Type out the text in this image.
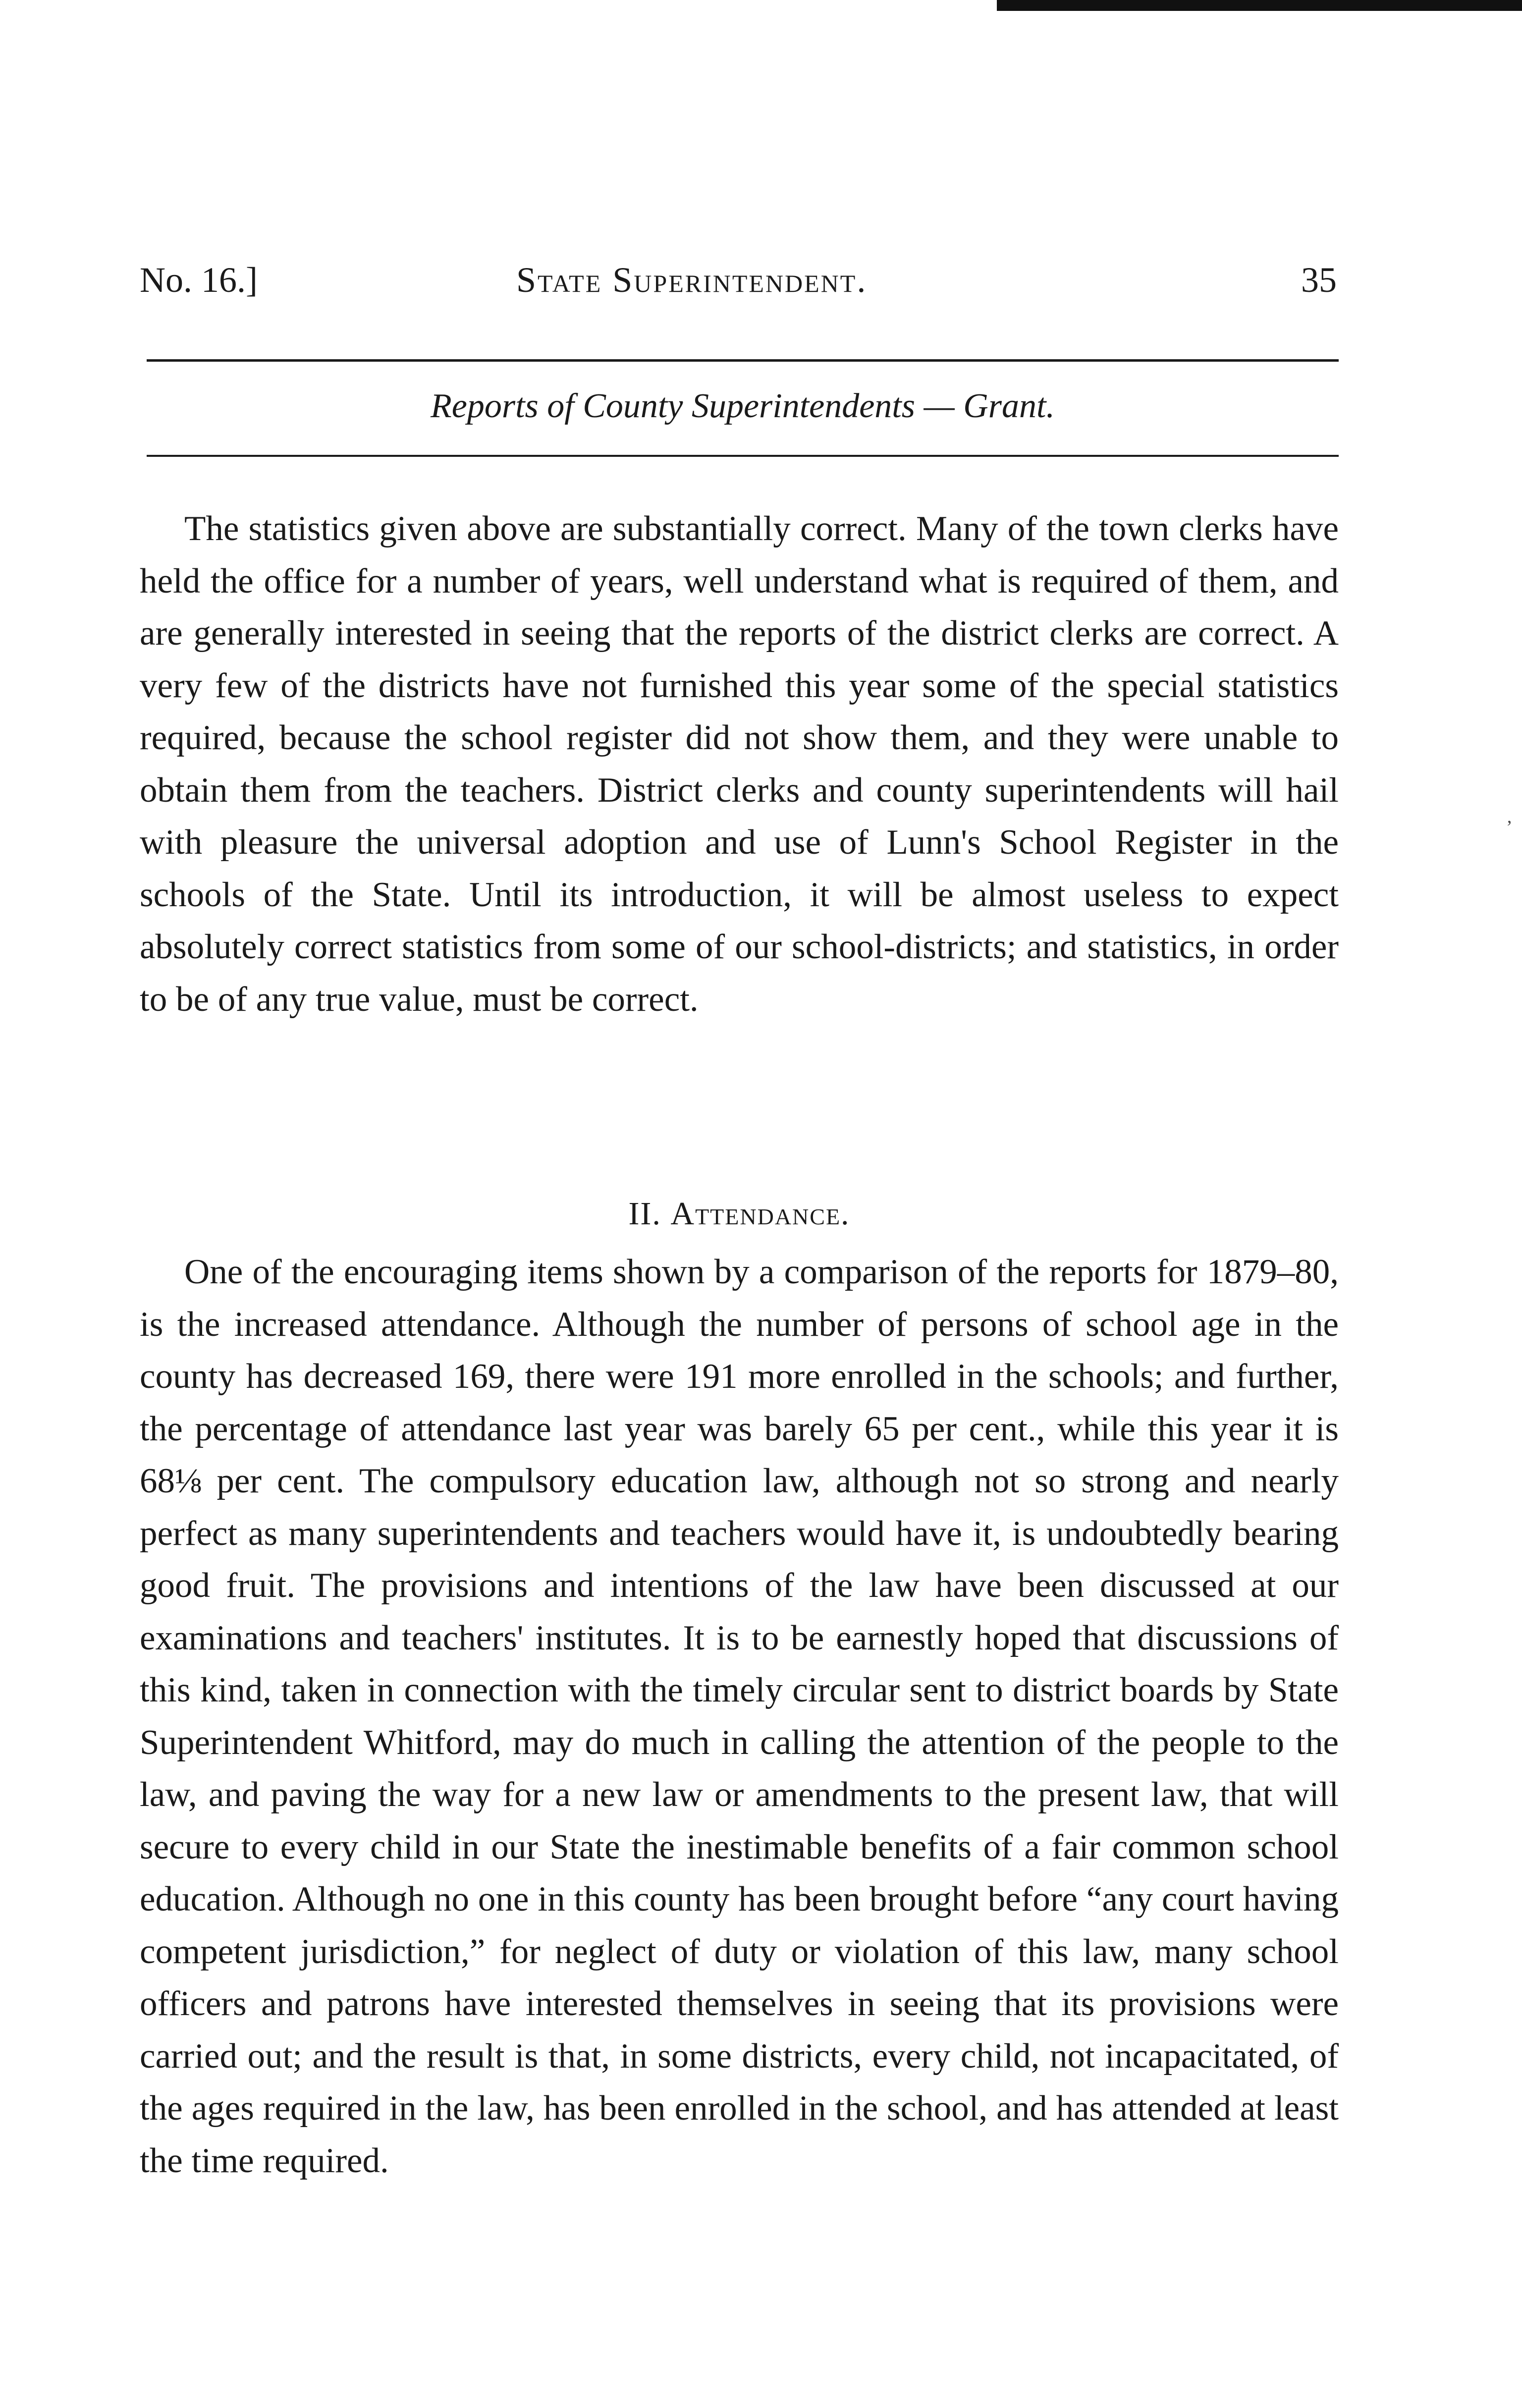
No. 16.]	State Superintendent.	35
Reports of County Superintendents — Grant.

The statistics given above are substantially correct. Many of the town clerks have held the office for a number of years, well understand what is required of them, and are generally interested in seeing that the reports of the district clerks are correct. A very few of the districts have not furnished this year some of the special statistics required, because the school register did not show them, and they were unable to obtain them from the teachers. District clerks and county superintendents will hail with pleasure the universal adoption and use of Lunn's School Register in the schools of the State. Until its introduction, it will be almost useless to expect absolutely correct statistics from some of our school-districts; and statistics, in order to be of any true value, must be correct.

II. Attendance.

One of the encouraging items shown by a comparison of the reports for 1879–80, is the increased attendance. Although the number of persons of school age in the county has decreased 169, there were 191 more enrolled in the schools; and further, the percentage of attendance last year was barely 65 per cent., while this year it is 68⅛ per cent. The compulsory education law, although not so strong and nearly perfect as many superintendents and teachers would have it, is undoubtedly bearing good fruit. The provisions and intentions of the law have been discussed at our examinations and teachers' institutes. It is to be earnestly hoped that discussions of this kind, taken in connection with the timely circular sent to district boards by State Superintendent Whitford, may do much in calling the attention of the people to the law, and paving the way for a new law or amendments to the present law, that will secure to every child in our State the inestimable benefits of a fair common school education. Although no one in this county has been brought before “any court having competent jurisdiction,” for neglect of duty or violation of this law, many school officers and patrons have interested themselves in seeing that its provisions were carried out; and the result is that, in some districts, every child, not incapacitated, of the ages required in the law, has been enrolled in the school, and has attended at least the time required.

ʼ
